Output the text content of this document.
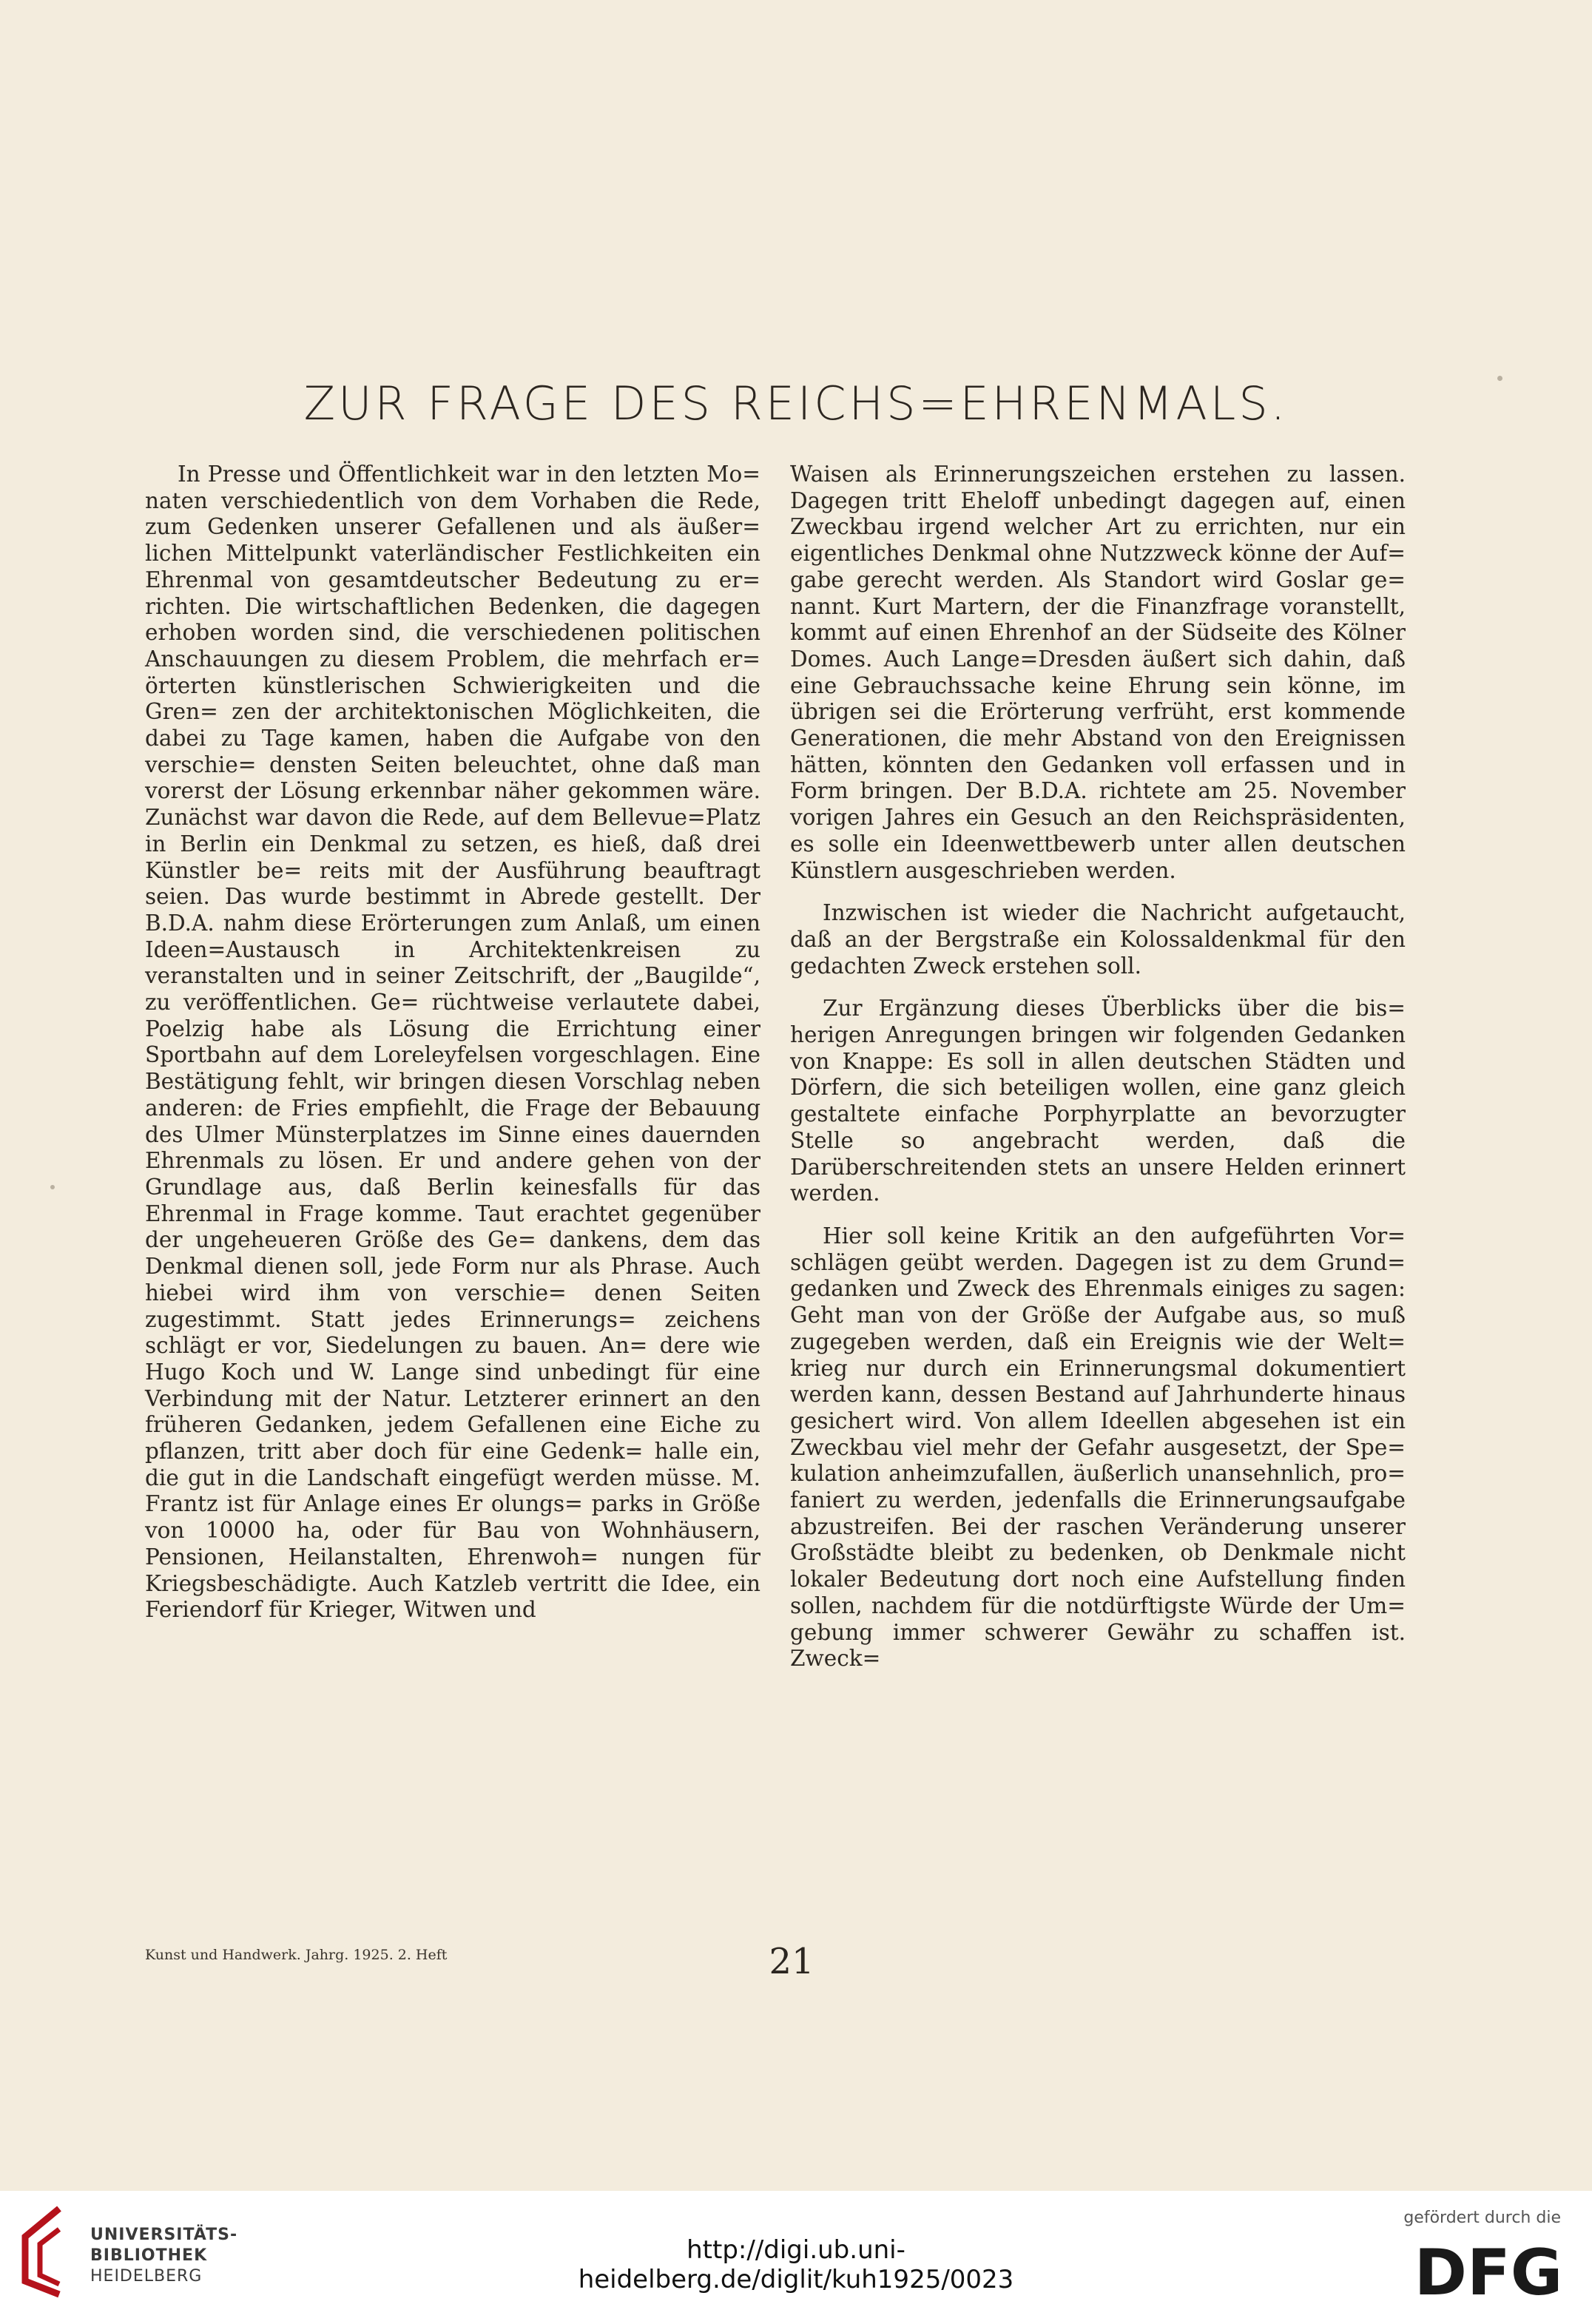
ZUR FRAGE DES REICHS=EHRENMALS.

In Presse und Öffentlichkeit war in den letzten Mo= naten verschiedentlich von dem Vorhaben die Rede, zum Gedenken unserer Gefallenen und als äußer= lichen Mittelpunkt vaterländischer Festlichkeiten ein Ehrenmal von gesamtdeutscher Bedeutung zu er= richten. Die wirtschaftlichen Bedenken, die dagegen erhoben worden sind, die verschiedenen politischen Anschauungen zu diesem Problem, die mehrfach er= örterten künstlerischen Schwierigkeiten und die Gren= zen der architektonischen Möglichkeiten, die dabei zu Tage kamen, haben die Aufgabe von den verschie= densten Seiten beleuchtet, ohne daß man vorerst der Lösung erkennbar näher gekommen wäre. Zunächst war davon die Rede, auf dem Bellevue=Platz in Berlin ein Denkmal zu setzen, es hieß, daß drei Künstler be= reits mit der Ausführung beauftragt seien. Das wurde bestimmt in Abrede gestellt. Der B.D.A. nahm diese Erörterungen zum Anlaß, um einen Ideen=Austausch in Architektenkreisen zu veranstalten und in seiner Zeitschrift, der „Baugilde“, zu veröffentlichen. Ge= rüchtweise verlautete dabei, Poelzig habe als Lösung die Errichtung einer Sportbahn auf dem Loreleyfelsen vorgeschlagen. Eine Bestätigung fehlt, wir bringen diesen Vorschlag neben anderen: de Fries empfiehlt, die Frage der Bebauung des Ulmer Münsterplatzes im Sinne eines dauernden Ehrenmals zu lösen. Er und andere gehen von der Grundlage aus, daß Berlin keinesfalls für das Ehrenmal in Frage komme. Taut erachtet gegenüber der ungeheueren Größe des Ge= dankens, dem das Denkmal dienen soll, jede Form nur als Phrase. Auch hiebei wird ihm von verschie= denen Seiten zugestimmt. Statt jedes Erinnerungs= zeichens schlägt er vor, Siedelungen zu bauen. An= dere wie Hugo Koch und W. Lange sind unbedingt für eine Verbindung mit der Natur. Letzterer erinnert an den früheren Gedanken, jedem Gefallenen eine Eiche zu pflanzen, tritt aber doch für eine Gedenk= halle ein, die gut in die Landschaft eingefügt werden müsse. M. Frantz ist für Anlage eines Er olungs= parks in Größe von 10000 ha, oder für Bau von Wohnhäusern, Pensionen, Heilanstalten, Ehrenwoh= nungen für Kriegsbeschädigte. Auch Katzleb vertritt die Idee, ein Feriendorf für Krieger, Witwen und

Waisen als Erinnerungszeichen erstehen zu lassen. Dagegen tritt Eheloff unbedingt dagegen auf, einen Zweckbau irgend welcher Art zu errichten, nur ein eigentliches Denkmal ohne Nutzzweck könne der Auf= gabe gerecht werden. Als Standort wird Goslar ge= nannt. Kurt Martern, der die Finanzfrage voranstellt, kommt auf einen Ehrenhof an der Südseite des Kölner Domes. Auch Lange=Dresden äußert sich dahin, daß eine Gebrauchssache keine Ehrung sein könne, im übrigen sei die Erörterung verfrüht, erst kommende Generationen, die mehr Abstand von den Ereignissen hätten, könnten den Gedanken voll erfassen und in Form bringen. Der B.D.A. richtete am 25. November vorigen Jahres ein Gesuch an den Reichspräsidenten, es solle ein Ideenwettbewerb unter allen deutschen Künstlern ausgeschrieben werden.

Inzwischen ist wieder die Nachricht aufgetaucht, daß an der Bergstraße ein Kolossaldenkmal für den gedachten Zweck erstehen soll.

Zur Ergänzung dieses Überblicks über die bis= herigen Anregungen bringen wir folgenden Gedanken von Knappe: Es soll in allen deutschen Städten und Dörfern, die sich beteiligen wollen, eine ganz gleich gestaltete einfache Porphyrplatte an bevorzugter Stelle so angebracht werden, daß die Darüberschreitenden stets an unsere Helden erinnert werden.

Hier soll keine Kritik an den aufgeführten Vor= schlägen geübt werden. Dagegen ist zu dem Grund= gedanken und Zweck des Ehrenmals einiges zu sagen: Geht man von der Größe der Aufgabe aus, so muß zugegeben werden, daß ein Ereignis wie der Welt= krieg nur durch ein Erinnerungsmal dokumentiert werden kann, dessen Bestand auf Jahrhunderte hinaus gesichert wird. Von allem Ideellen abgesehen ist ein Zweckbau viel mehr der Gefahr ausgesetzt, der Spe= kulation anheimzufallen, äußerlich unansehnlich, pro= faniert zu werden, jedenfalls die Erinnerungsaufgabe abzustreifen. Bei der raschen Veränderung unserer Großstädte bleibt zu bedenken, ob Denkmale nicht lokaler Bedeutung dort noch eine Aufstellung finden sollen, nachdem für die notdürftigste Würde der Um= gebung immer schwerer Gewähr zu schaffen ist. Zweck=

Kunst und Handwerk. Jahrg. 1925. 2. Heft	21
UNIVERSITÄTS-
BIBLIOTHEK
HEIDELBERG
http://digi.ub.uni-heidelberg.de/diglit/kuh1925/0023
gefördert durch die
DFG
